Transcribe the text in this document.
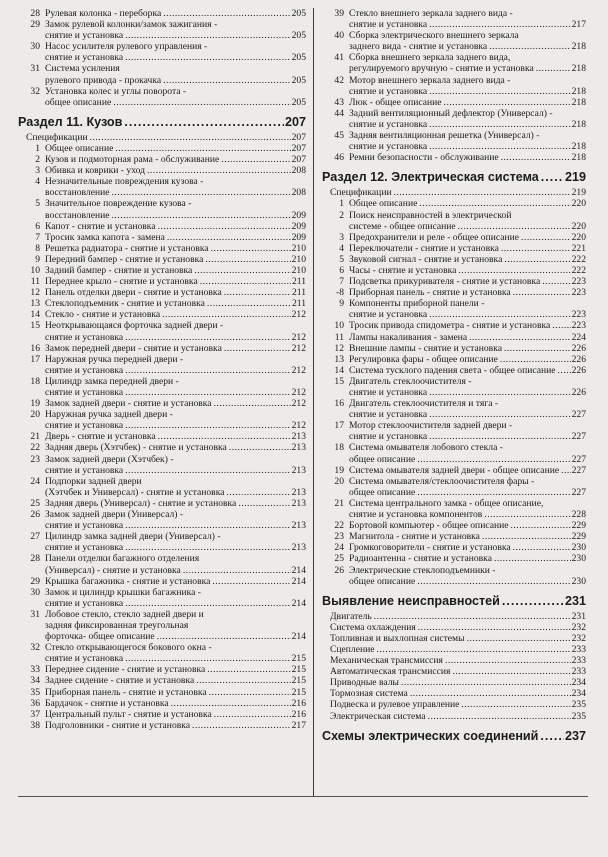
28 Рулевая колонка - переборка .....	205
29 Замок рулевой колонки/замок зажигания -
снятие и установка .....	205
30 Насос усилителя рулевого управления -
снятие и установка .....	205
31 Система усиления
рулевого привода - прокачка .....	205
32 Установка колес и углы поворота -
общее описание .....	205
Раздел 11. Кузов .....	207
Спецификации .....	207
1 Общее описание .....	207
2 Кузов и подмоторная рама - обслуживание .....	207
3 Обивка и коврики - уход .....	208
4 Незначительные повреждения кузова -
восстановление .....	208
5 Значительное повреждение кузова -
восстановление .....	209
6 Капот - снятие и установка .....	209
7 Тросик замка капота - замена .....	209
8 Решетка радиатора - снятие и установка .....	210
9 Передний бампер - снятие и установка .....	210
10 Задний бампер - снятие и установка .....	210
11 Переднее крыло - снятие и установка .....	211
12 Панель отделки двери - снятие и установка .....	211
13 Стеклоподъемник - снятие и установка .....	211
14 Стекло - снятие и установка .....	212
15 Неоткрывающаяся форточка задней двери -
снятие и установка .....	212
16 Замок передней двери - снятие и установка .....	212
17 Наружная ручка передней двери -
снятие и установка .....	212
18 Цилиндр замка передней двери -
снятие и установка .....	212
19 Замок задней двери - снятие и установка .....	212
20 Наружная ручка задней двери -
снятие и установка .....	212
21 Дверь - снятие и установка .....	213
22 Задняя дверь (Хэтчбек) - снятие и установка .....	213
23 Замок задней двери (Хэтчбек) -
снятие и установка .....	213
24 Подпорки задней двери
(Хэтчбек и Универсал) - снятие и установка .....	213
25 Задняя дверь (Универсал) - снятие и установка .....	213
26 Замок задней двери (Универсал) -
снятие и установка .....	213
27 Цилиндр замка задней двери (Универсал) -
снятие и установка .....	213
28 Панели отделки багажного отделения
(Универсал) - снятие и установка .....	214
29 Крышка багажника - снятие и установка .....	214
30 Замок и цилиндр крышки багажника -
снятие и установка .....	214
31 Лобовое стекло, стекло задней двери и
задняя фиксированная треугольная
форточка- общее описание .....	214
32 Стекло открывающегося бокового окна -
снятие и установка .....	215
33 Переднее сидение - снятие и установка .....	215
34 Заднее сидение - снятие и установка .....	215
35 Приборная панель - снятие и установка .....	215
36 Бардачок - снятие и установка .....	216
37 Центральный пульт - снятие и установка .....	216
38 Подголовники - снятие и установка .....	217
39 Стекло внешнего зеркала заднего вида -
снятие и установка .....	217
40 Сборка электрического внешнего зеркала
заднего вида - снятие и установка .....	218
41 Сборка внешнего зеркала заднего вида,
регулируемого вручную - снятие и установка .....	218
42 Мотор внешнего зеркала заднего вида -
снятие и установка .....	218
43 Люк - общее описание .....	218
44 Задний вентиляционный дефлектор (Универсал) -
снятие и установка .....	218
45 Задняя вентиляционная решетка (Универсал) -
снятие и установка .....	218
46 Ремни безопасности - обслуживание .....	218
Раздел 12. Электрическая система ..... 219
Спецификации .....	219
1 Общее описание .....	220
2 Поиск неисправностей в электрической
системе - общее описание .....	220
3 Предохранители и реле - общее описание .....	220
4 Переключатели - снятие и установка .....	221
5 Звуковой сигнал - снятие и установка .....	222
6 Часы - снятие и установка .....	222
7 Подсветка прикуривателя - снятие и установка .....	223
-8 Приборная панель - снятие и установка .....	223
9 Компоненты приборной панели -
снятие и установка .....	223
10 Тросик привода спидометра - снятие и установка ..... 223
11 Лампы накаливания - замена .....	224
12 Внешние лампы - снятие и установка .....	226
13 Регулировка фары - общее описание .....	226
14 Система тусклого падения света - общее описание ..... 226
15 Двигатель стеклоочистителя -
снятие и установка .....	226
16 Двигатель стеклоочистителя и тяга -
снятие и установка .....	227
17 Мотор стеклоочистителя задней двери -
снятие и установка .....	227
18 Система омывателя лобового стекла -
общее описание .....	227
19 Система омывателя задней двери - общее описание ..... 227
20 Система омывателя/стеклоочистителя фары -
общее описание .....	227
21 Система центрального замка - общее описание,
снятие и установка компонентов .....	228
22 Бортовой компьютер - общее описание .....	229
23 Магнитола - снятие и установка .....	229
24 Громкоговорители - снятие и установка .....	230
25 Радиоантенна - снятие и установка .....	230
26 Электрические стеклоподъемники -
общее описание .....	230
Выявление неисправностей .....	231
Двигатель .....	231
Система охлаждения .....	232
Топливная и выхлопная системы .....	232
Сцепление .....	233
Механическая трансмиссия .....	233
Автоматическая трансмиссия .....	233
Приводные валы .....	234
Тормозная система .....	234
Подвеска и рулевое управление .....	235
Электрическая система .....	235
Схемы электрических соединений ..... 237
